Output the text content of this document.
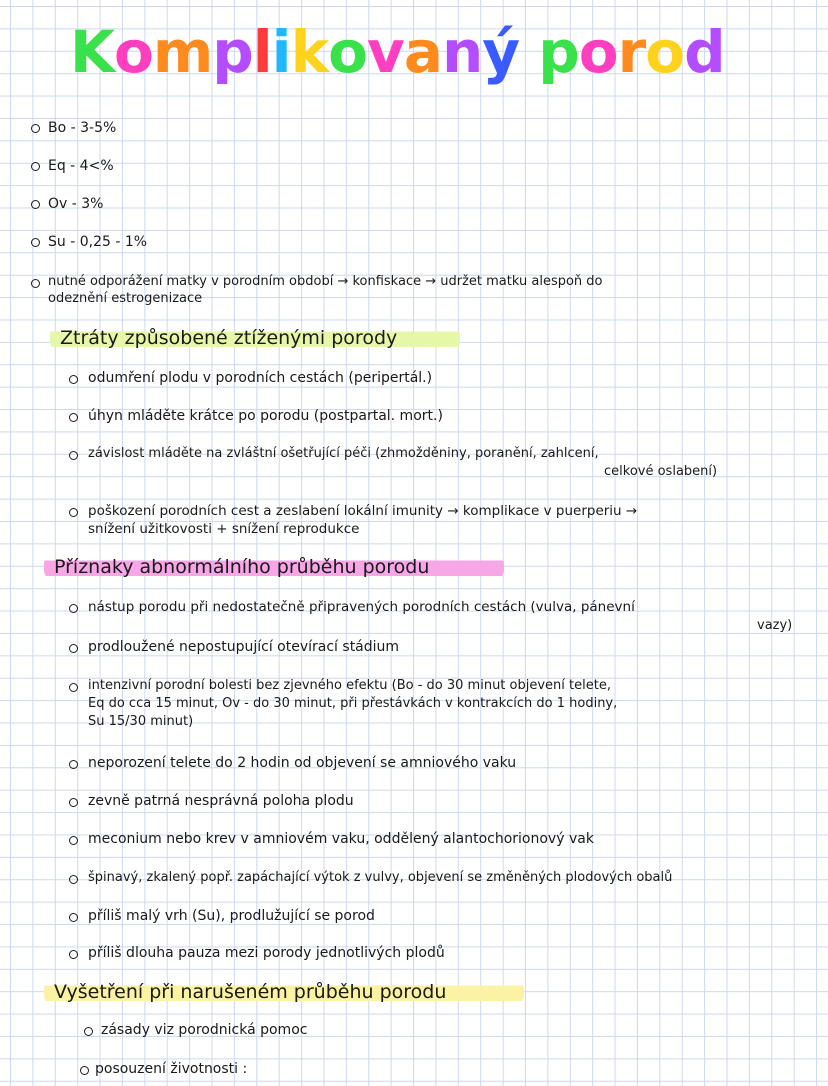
Komplikovaný porod
Bo - 3-5%
Eq - 4<%
Ov - 3%
Su - 0,25 - 1%
nutné odporážení matky v porodním období → konfiskace → udržet matku alespoň do
odeznění estrogenizace
Ztráty způsobené ztíženými porody
odumření plodu v porodních cestách (peripertál.)
úhyn mláděte krátce po porodu (postpartal. mort.)
závislost mláděte na zvláštní ošetřující péči (zhmožděniny, poranění, zahlcení,
celkové oslabení)
poškození porodních cest a zeslabení lokální imunity → komplikace v puerperiu →
snížení užitkovosti + snížení reprodukce
Příznaky abnormálního průběhu porodu
nástup porodu při nedostatečně připravených porodních cestách (vulva, pánevní
vazy)
prodloužené nepostupující otevírací stádium
intenzivní porodní bolesti bez zjevného efektu (Bo - do 30 minut objevení telete,
Eq do cca 15 minut, Ov - do 30 minut, při přestávkách v kontrakcích do 1 hodiny,
Su 15/30 minut)
neporození telete do 2 hodin od objevení se amniového vaku
zevně patrná nesprávná poloha plodu
meconium nebo krev v amniovém vaku, oddělený alantochorionový vak
špinavý, zkalený popř. zapáchající výtok z vulvy, objevení se změněných plodových obalů
příliš malý vrh (Su), prodlužující se porod
příliš dlouha pauza mezi porody jednotlivých plodů
Vyšetření při narušeném průběhu porodu
zásady viz porodnická pomoc
posouzení životnosti :
